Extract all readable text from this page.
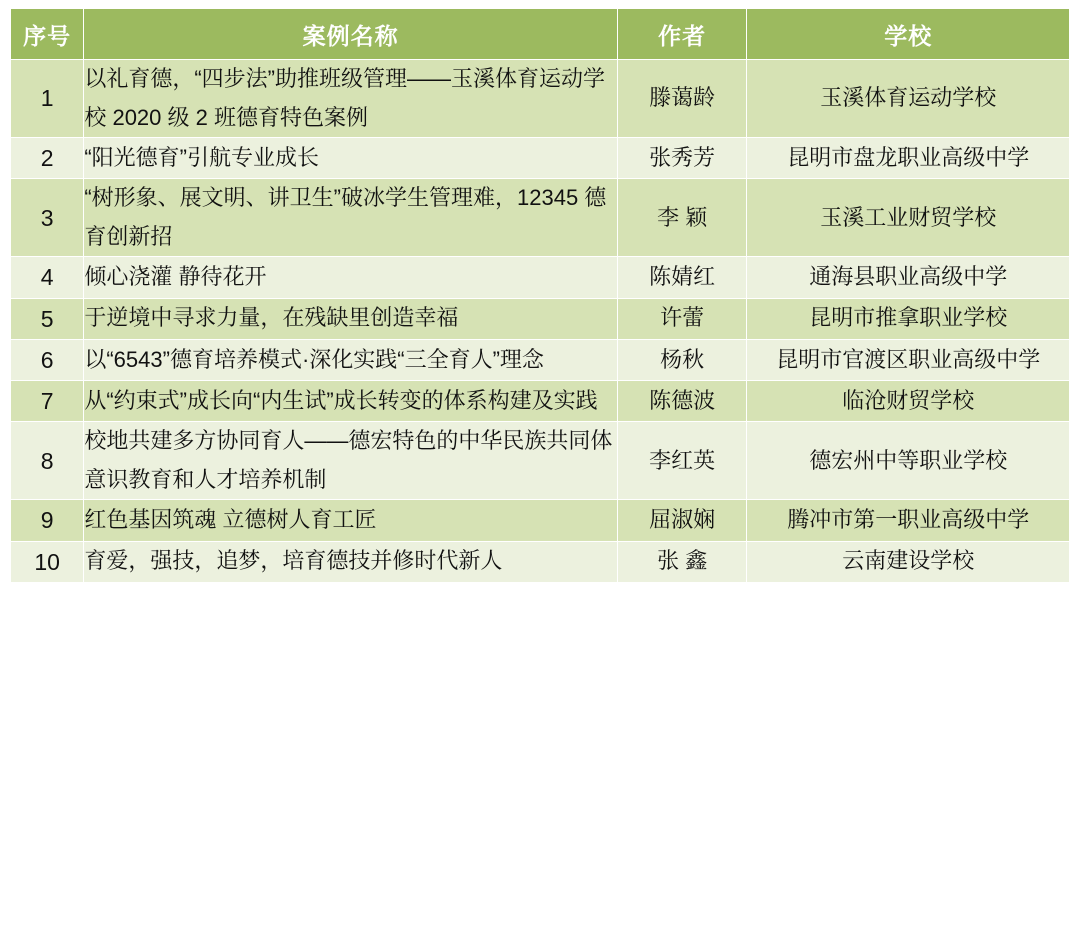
序号	案例名称	作者	学校
1	以礼育德，“四步法”助推班级管理——玉溪体育运动学校 2020 级 2 班德育特色案例	滕蔼龄	玉溪体育运动学校
2	“阳光德育”引航专业成长	张秀芳	昆明市盘龙职业高级中学
3	“树形象、展文明、讲卫生”破冰学生管理难，12345 德育创新招	李 颖	玉溪工业财贸学校
4	倾心浇灌 静待花开	陈婧红	通海县职业高级中学
5	于逆境中寻求力量，在残缺里创造幸福	许蕾	昆明市推拿职业学校
6	以“6543”德育培养模式·深化实践“三全育人”理念	杨秋	昆明市官渡区职业高级中学
7	从“约束式”成长向“内生试”成长转变的体系构建及实践	陈德波	临沧财贸学校
8	校地共建多方协同育人——德宏特色的中华民族共同体意识教育和人才培养机制	李红英	德宏州中等职业学校
9	红色基因筑魂 立德树人育工匠	屈淑娴	腾冲市第一职业高级中学
10	育爱，强技，追梦，培育德技并修时代新人	张 鑫	云南建设学校
